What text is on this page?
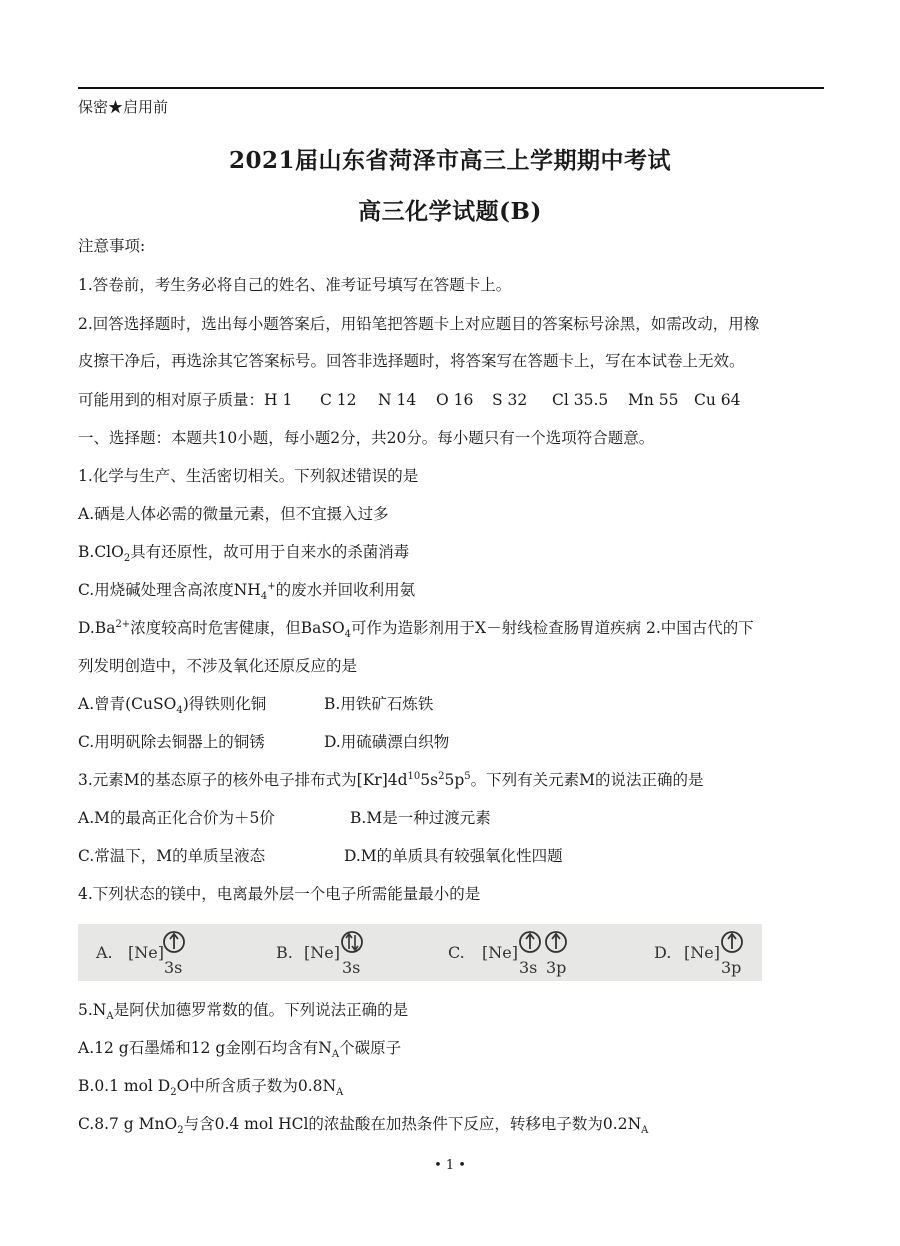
保密★启用前
2021届山东省菏泽市高三上学期期中考试
高三化学试题(B)
注意事项:
1.答卷前，考生务必将自己的姓名、准考证号填写在答题卡上。
2.回答选择题时，选出每小题答案后，用铅笔把答题卡上对应题目的答案标号涂黑，如需改动，用橡
皮擦干净后，再选涂其它答案标号。回答非选择题时，将答案写在答题卡上，写在本试卷上无效。
可能用到的相对原子质量：H 1 C 12 N 14 O 16 S 32 Cl 35.5 Mn 55 Cu 64
一、选择题：本题共10小题，每小题2分，共20分。每小题只有一个选项符合题意。
1.化学与生产、生活密切相关。下列叙述错误的是
A.硒是人体必需的微量元素，但不宜摄入过多
B.ClO$_2$具有还原性，故可用于自来水的杀菌消毒
C.用烧碱处理含高浓度$NH_4^+$的废水并回收利用氨
$D.Ba^{2+}$浓度较高时危害健康，但BaSO$_4$可作为造影剂用于X－射线检查肠胃道疾病 2.中国古代的下
列发明创造中，不涉及氧化还原反应的是
A.曾青(CuSO$_4$)得铁则化铜	B.用铁矿石炼铁
C.用明矾除去铜器上的铜锈	D.用硫磺漂白织物
3.元素M的基态原子的核外电子排布式为$[Kr]4d^{10}5s^25p^5$。下列有关元素M的说法正确的是
A.M的最高正化合价为＋5价	B.M是一种过渡元素
C.常温下，M的单质呈液态	D.M的单质具有较强氧化性四题
4.下列状态的镁中，电离最外层一个电子所需能量最小的是
A. [Ne]
3s
B. [Ne]
3s
C. [Ne]
3s 3p
D. [Ne]
3p
$5.N_A$是阿伏加德罗常数的值。下列说法正确的是
A.12 g石墨烯和12 g金刚石均含有$N_A$个碳原子
B.0.1 mol $D_2O$中所含质子数为$0.8N_A$
C.8.7 g MnO$_2$与含0.4 mol HCl的浓盐酸在加热条件下反应，转移电子数为$0.2N_A$
• 1 •
